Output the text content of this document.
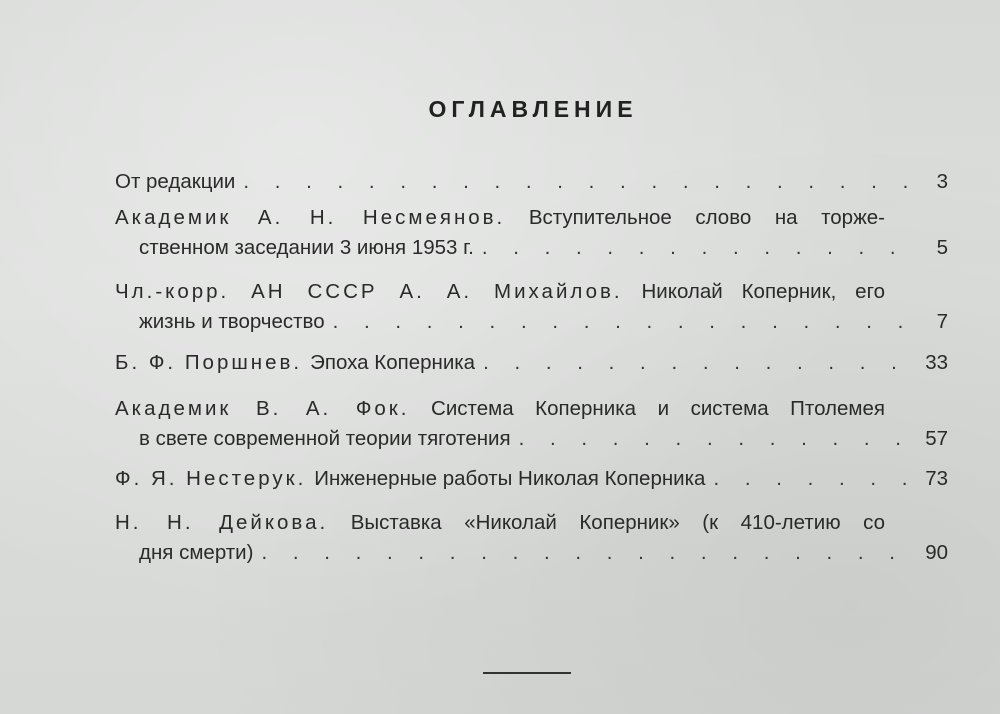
ОГЛАВЛЕНИЕ
От редакции . . .	3
Академик А. Н. Несмеянов. Вступительное слово на торже-
ственном заседании 3 июня 1953 г. . . .	5
Чл.-корр. АН СССР А. А. Михайлов. Николай Коперник, его
жизнь и творчество . . .	7
Б. Ф. Поршнев. Эпоха Коперника . . .	33
Академик В. А. Фок. Система Коперника и система Птолемея
в свете современной теории тяготения . . .	57
Ф. Я. Нестерук. Инженерные работы Николая Коперника . . .	73
Н. Н. Дейкова. Выставка «Николай Коперник» (к 410-летию со
дня смерти) . . .	90
